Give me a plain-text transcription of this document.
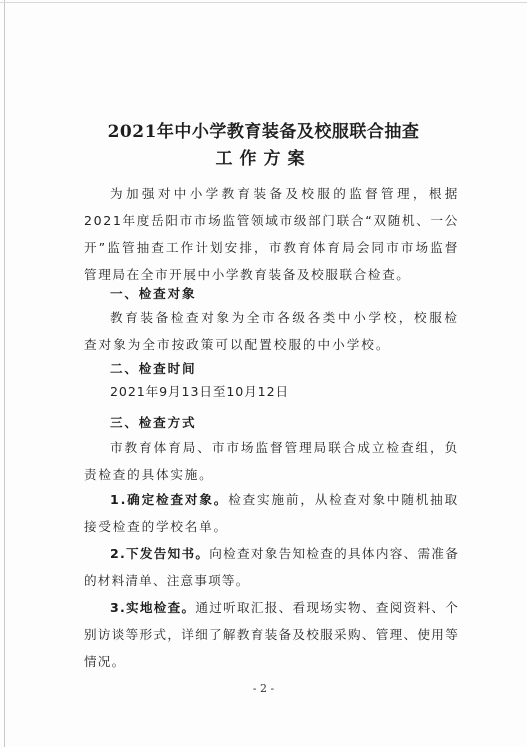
2021年中小学教育装备及校服联合抽查
工作方案
为加强对中小学教育装备及校服的监督管理，根据2021年度岳阳市市场监管领域市级部门联合“双随机、一公开”监管抽查工作计划安排，市教育体育局会同市市场监督管理局在全市开展中小学教育装备及校服联合检查。
一、检查对象
教育装备检查对象为全市各级各类中小学校，校服检查对象为全市按政策可以配置校服的中小学校。
二、检查时间
2021年9月13日至10月12日
三、检查方式
市教育体育局、市市场监督管理局联合成立检查组，负责检查的具体实施。
1.确定检查对象。检查实施前，从检查对象中随机抽取接受检查的学校名单。
2.下发告知书。向检查对象告知检查的具体内容、需准备的材料清单、注意事项等。
3.实地检查。通过听取汇报、看现场实物、查阅资料、个别访谈等形式，详细了解教育装备及校服采购、管理、使用等情况。
- 2 -
